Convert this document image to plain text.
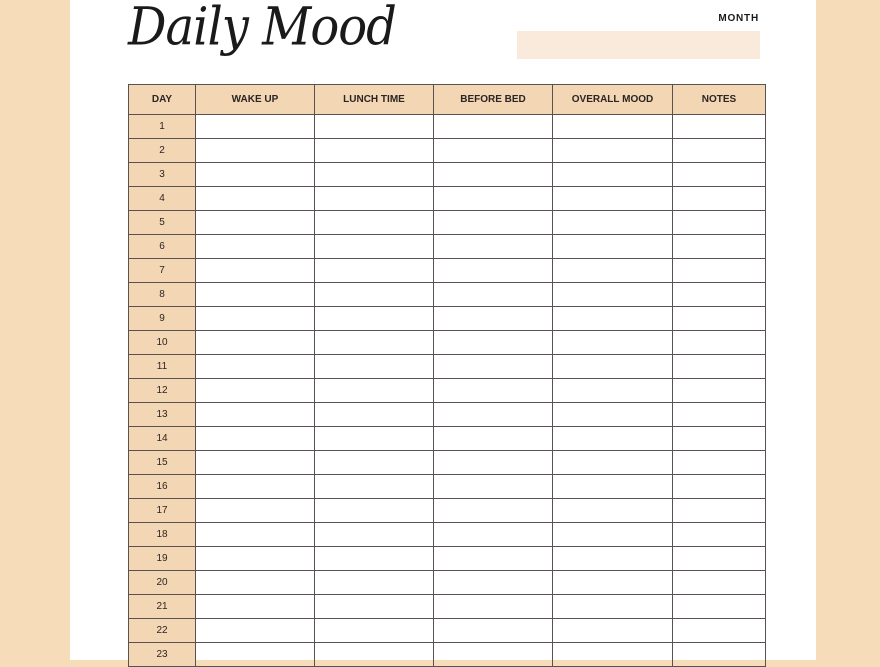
Daily Mood	MONTH
DAY	WAKE UP	LUNCH TIME	BEFORE BED	OVERALL MOOD	NOTES
1					
2					
3					
4					
5					
6					
7					
8					
9					
10					
11					
12					
13					
14					
15					
16					
17					
18					
19					
20					
21					
22					
23					
